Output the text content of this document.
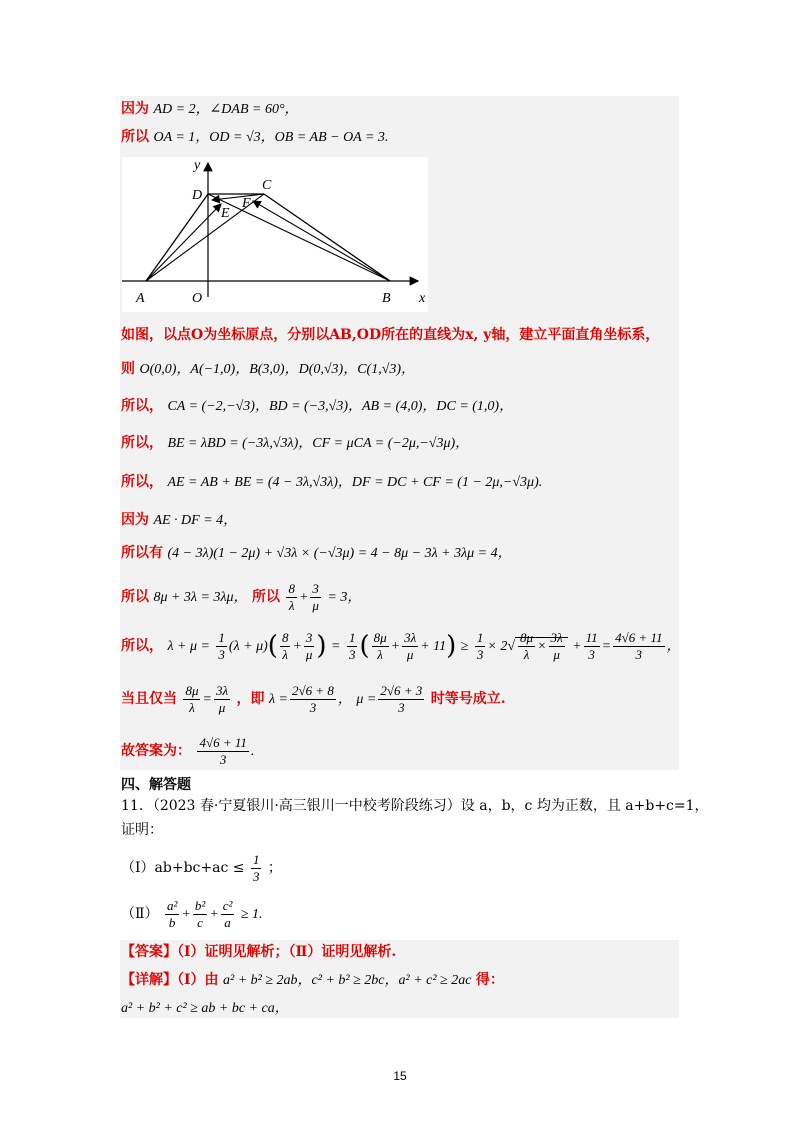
因为 AD = 2，∠DAB = 60°，
所以 OA = 1，OD = √3，OB = AB − OA = 3.
y
D
C
E
F
A	O	B x
如图，以点O为坐标原点，分别以AB,OD所在的直线为x, y轴，建立平面直角坐标系，
则 O(0,0)，A(−1,0)，B(3,0)，D(0,√3)，C(1,√3)，
所以， CA = (−2,−√3)，BD = (−3,√3)，AB = (4,0)，DC = (1,0)，
所以， BE = λBD = (−3λ,√3λ)，CF = μCA = (−2μ,−√3μ)，
所以， AE = AB + BE = (4 − 3λ,√3λ)，DF = DC + CF = (1 − 2μ,−√3μ).
因为 AE · DF = 4，
所以有 (4 − 3λ)(1 − 2μ) + √3λ × (−√3μ) = 4 − 8μ − 3λ + 3λμ = 4，
所以 8μ + 3λ = 3λμ， 所以 $\frac{8}{\lambda} + \frac{3}{\mu} = 3$，
所以， $\lambda + \mu = \frac{1}{3} (\lambda + \mu)( \frac{8}{\lambda} + \frac{3}{\mu}$ ) = $\frac{1}{3}$ ( $\frac{8\mu}{\lambda} + \frac{3\lambda}{\mu} + 11) \ge \frac{1}{3} \times 2√ \frac{8\mu}{\lambda} \times \frac{3\lambda}{\mu} + \frac{11}{3} = \frac{4√6 + 11}{3}$ ，
当且仅当 $\frac{8\mu}{\lambda} = \frac{3\lambda}{\mu}$ ，即 $\lambda = \frac{2√6 + 8}{3}$ ， $\mu = \frac{2√6 + 3}{3}$ 时等号成立.
故答案为： $\frac{4√6 + 11}{3}$ .
四、解答题
11．（2023 春·宁夏银川·高三银川一中校考阶段练习）设 a，b，c 均为正数，且 a+b+c=1，
证明：
（Ⅰ）ab+bc+ac ≤ $\frac{1}{3}$ ；
（Ⅱ） $\frac{\text{a²}}{b} + \frac{\text{b²}}{c} + \frac{\text{c²}}{a} \ge 1$.
【答案】（Ⅰ）证明见解析；（Ⅱ）证明见解析.
【详解】（Ⅰ）由 a² + b² ≥ 2ab，c² + b² ≥ 2bc，a² + c² ≥ 2ac 得：
a² + b² + c² ≥ ab + bc + ca，
15
